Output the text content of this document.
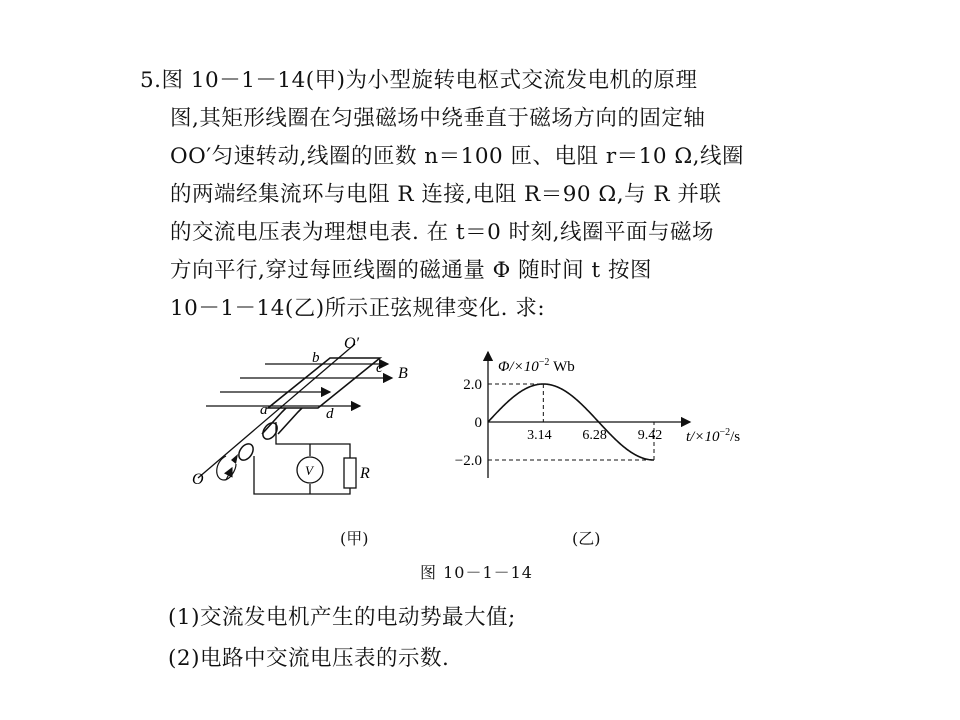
5.图 10－1－14(甲)为小型旋转电枢式交流发电机的原理
图,其矩形线圈在匀强磁场中绕垂直于磁场方向的固定轴
OO′匀速转动,线圈的匝数 n＝100 匝、电阻 r＝10 Ω,线圈
的两端经集流环与电阻 R 连接,电阻 R＝90 Ω,与 R 并联
的交流电压表为理想电表. 在 t＝0 时刻,线圈平面与磁场
方向平行,穿过每匝线圈的磁通量 Φ 随时间 t 按图
10－1－14(乙)所示正弦规律变化. 求:
O′
b
c B
a	d
O
V	R
2.0
0
−2.0
3.14 6.28 9.42
$\Phi/\times 10^{-2}$ Wb
$t/\times 10^{-2}/s$
(甲)	(乙)
图 10－1－14
(1)交流发电机产生的电动势最大值;
(2)电路中交流电压表的示数.
